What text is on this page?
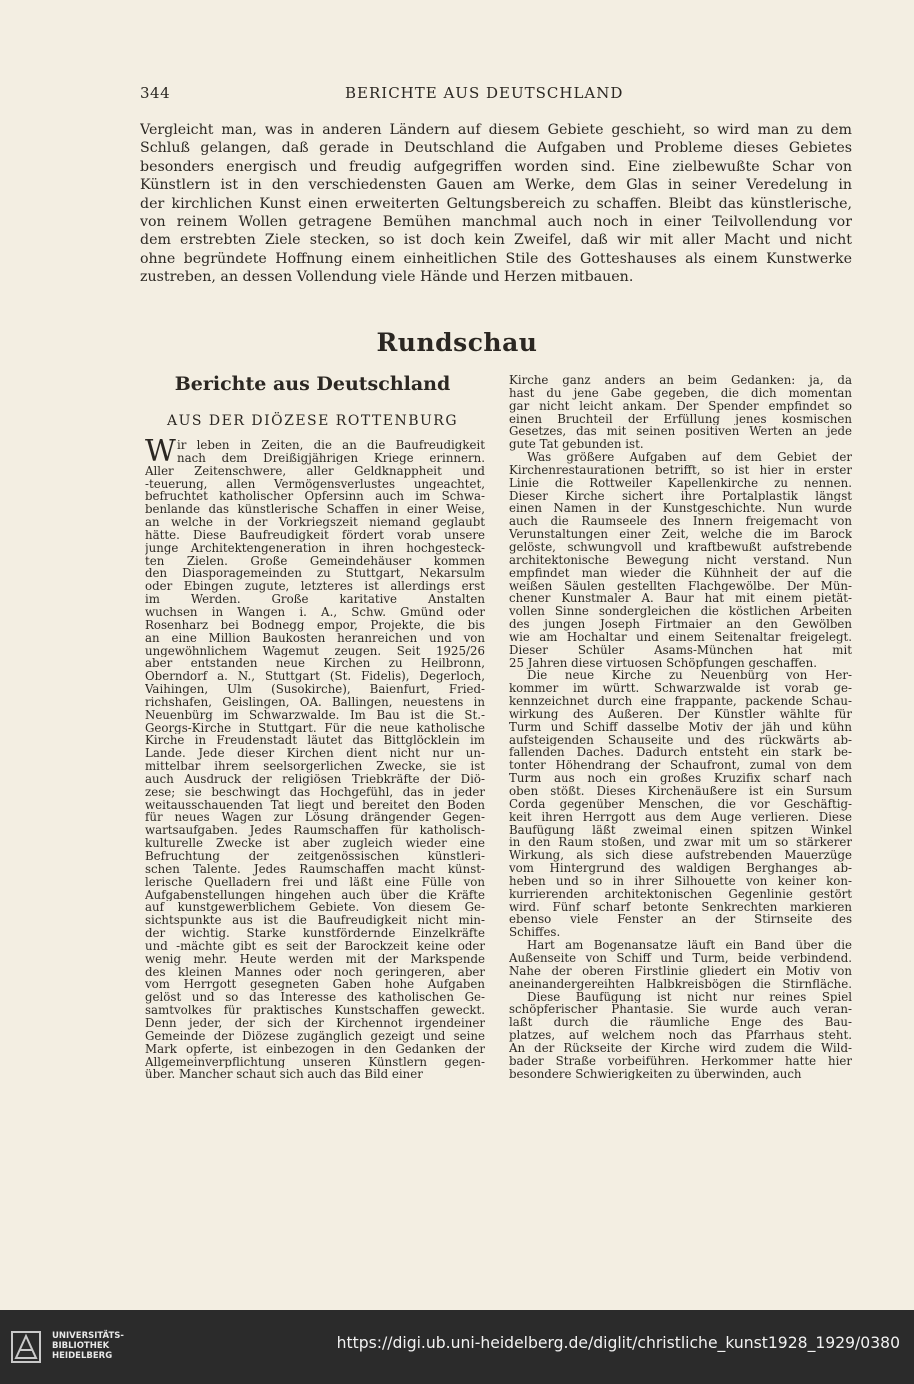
344	BERICHTE AUS DEUTSCHLAND
Vergleicht man, was in anderen Ländern auf diesem Gebiete geschieht, so wird man zu dem
Schluß gelangen, daß gerade in Deutschland die Aufgaben und Probleme dieses Gebietes
besonders energisch und freudig aufgegriffen worden sind. Eine zielbewußte Schar von
Künstlern ist in den verschiedensten Gauen am Werke, dem Glas in seiner Veredelung in
der kirchlichen Kunst einen erweiterten Geltungsbereich zu schaffen. Bleibt das künstlerische,
von reinem Wollen getragene Bemühen manchmal auch noch in einer Teilvollendung vor
dem erstrebten Ziele stecken, so ist doch kein Zweifel, daß wir mit aller Macht und nicht
ohne begründete Hoffnung einem einheitlichen Stile des Gotteshauses als einem Kunstwerke
zustreben, an dessen Vollendung viele Hände und Herzen mitbauen.
Rundschau
Berichte aus Deutschland
AUS DER DIÖZESE ROTTENBURG
W ir leben in Zeiten, die an die Baufreudigkeit
nach dem Dreißigjährigen Kriege erinnern.
Aller Zeitenschwere, aller Geldknappheit und
-teuerung, allen Vermögensverlustes ungeachtet,
befruchtet katholischer Opfersinn auch im Schwa-
benlande das künstlerische Schaffen in einer Weise,
an welche in der Vorkriegszeit niemand geglaubt
hätte. Diese Baufreudigkeit fördert vorab unsere
junge Architektengeneration in ihren hochgesteck-
ten Zielen. Große Gemeindehäuser kommen
den Diasporagemeinden zu Stuttgart, Nekarsulm
oder Ebingen zugute, letzteres ist allerdings erst
im Werden. Große karitative Anstalten
wuchsen in Wangen i. A., Schw. Gmünd oder
Rosenharz bei Bodnegg empor, Projekte, die bis
an eine Million Baukosten heranreichen und von
ungewöhnlichem Wagemut zeugen. Seit 1925/26
aber entstanden neue Kirchen zu Heilbronn,
Oberndorf a. N., Stuttgart (St. Fidelis), Degerloch,
Vaihingen, Ulm (Susokirche), Baienfurt, Fried-
richshafen, Geislingen, OA. Ballingen, neuestens in
Neuenbürg im Schwarzwalde. Im Bau ist die St.-
Georgs-Kirche in Stuttgart. Für die neue katholische
Kirche in Freudenstadt läutet das Bittglöcklein im
Lande. Jede dieser Kirchen dient nicht nur un-
mittelbar ihrem seelsorgerlichen Zwecke, sie ist
auch Ausdruck der religiösen Triebkräfte der Diö-
zese; sie beschwingt das Hochgefühl, das in jeder
weitausschauenden Tat liegt und bereitet den Boden
für neues Wagen zur Lösung drängender Gegen-
wartsaufgaben. Jedes Raumschaffen für katholisch-
kulturelle Zwecke ist aber zugleich wieder eine
Befruchtung der zeitgenössischen künstleri-
schen Talente. Jedes Raumschaffen macht künst-
lerische Quelladern frei und läßt eine Fülle von
Aufgabenstellungen hingehen auch über die Kräfte
auf kunstgewerblichem Gebiete. Von diesem Ge-
sichtspunkte aus ist die Baufreudigkeit nicht min-
der wichtig. Starke kunstfördernde Einzelkräfte
und -mächte gibt es seit der Barockzeit keine oder
wenig mehr. Heute werden mit der Markspende
des kleinen Mannes oder noch geringeren, aber
vom Herrgott gesegneten Gaben hohe Aufgaben
gelöst und so das Interesse des katholischen Ge-
samtvolkes für praktisches Kunstschaffen geweckt.
Denn jeder, der sich der Kirchennot irgendeiner
Gemeinde der Diözese zugänglich gezeigt und seine
Mark opferte, ist einbezogen in den Gedanken der
Allgemeinverpflichtung unseren Künstlern gegen-
über. Mancher schaut sich auch das Bild einer
Kirche ganz anders an beim Gedanken: ja, da
hast du jene Gabe gegeben, die dich momentan
gar nicht leicht ankam. Der Spender empfindet so
einen Bruchteil der Erfüllung jenes kosmischen
Gesetzes, das mit seinen positiven Werten an jede
gute Tat gebunden ist.
Was größere Aufgaben auf dem Gebiet der
Kirchenrestaurationen betrifft, so ist hier in erster
Linie die Rottweiler Kapellenkirche zu nennen.
Dieser Kirche sichert ihre Portalplastik längst
einen Namen in der Kunstgeschichte. Nun wurde
auch die Raumseele des Innern freigemacht von
Verunstaltungen einer Zeit, welche die im Barock
gelöste, schwungvoll und kraftbewußt aufstrebende
architektonische Bewegung nicht verstand. Nun
empfindet man wieder die Kühnheit der auf die
weißen Säulen gestellten Flachgewölbe. Der Mün-
chener Kunstmaler A. Baur hat mit einem pietät-
vollen Sinne sondergleichen die köstlichen Arbeiten
des jungen Joseph Firtmaier an den Gewölben
wie am Hochaltar und einem Seitenaltar freigelegt.
Dieser Schüler Asams-München hat mit
25 Jahren diese virtuosen Schöpfungen geschaffen.
Die neue Kirche zu Neuenbürg von Her-
kommer im württ. Schwarzwalde ist vorab ge-
kennzeichnet durch eine frappante, packende Schau-
wirkung des Äußeren. Der Künstler wählte für
Turm und Schiff dasselbe Motiv der jäh und kühn
aufsteigenden Schauseite und des rückwärts ab-
fallenden Daches. Dadurch entsteht ein stark be-
tonter Höhendrang der Schaufront, zumal von dem
Turm aus noch ein großes Kruzifix scharf nach
oben stößt. Dieses Kirchenäußere ist ein Sursum
Corda gegenüber Menschen, die vor Geschäftig-
keit ihren Herrgott aus dem Auge verlieren. Diese
Baufügung läßt zweimal einen spitzen Winkel
in den Raum stoßen, und zwar mit um so stärkerer
Wirkung, als sich diese aufstrebenden Mauerzüge
vom Hintergrund des waldigen Berghanges ab-
heben und so in ihrer Silhouette von keiner kon-
kurrierenden architektonischen Gegenlinie gestört
wird. Fünf scharf betonte Senkrechten markieren
ebenso viele Fenster an der Stirnseite des
Schiffes.
Hart am Bogenansatze läuft ein Band über die
Außenseite von Schiff und Turm, beide verbindend.
Nahe der oberen Firstlinie gliedert ein Motiv von
aneinandergereihten Halbkreisbögen die Stirnfläche.
Diese Baufügung ist nicht nur reines Spiel
schöpferischer Phantasie. Sie wurde auch veran-
laßt durch die räumliche Enge des Bau-
platzes, auf welchem noch das Pfarrhaus steht.
An der Rückseite der Kirche wird zudem die Wild-
bader Straße vorbeiführen. Herkommer hatte hier
besondere Schwierigkeiten zu überwinden, auch
UNIVERSITÄTS-
BIBLIOTHEK
HEIDELBERG
https://digi.ub.uni-heidelberg.de/diglit/christliche_kunst1928_1929/0380
